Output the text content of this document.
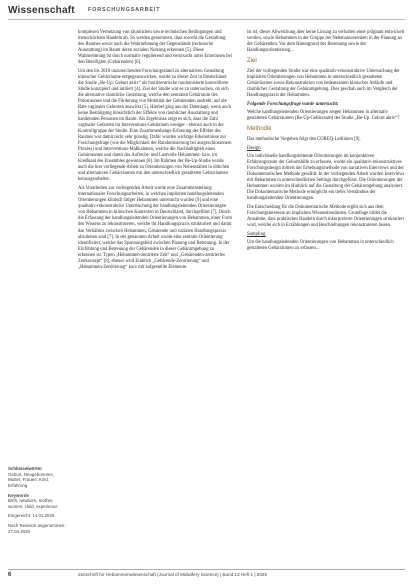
Wissenschaft FORSCHUNGSARBEIT
Schlüsselwörter
Geburt, Neugeborenes, Mutter, Frauen, Kind, Erfahrung
Keywords
Birth, newborn, mother, women, child, experience
Eingereicht: 14.01.2025
Nach Revision angenommen: 27.04.2025

komplexen Vernetzung von räumlichen sowie technischen Bedingungen und menschlichem Handeln ab. So werden genommen, dass sowohl die Gestaltung des Raumes sowie auch die Wahrnehmung der Gegenstände (technische Ausstattung) im Raum deren sozialen Nutzung erkennen [5]. Diese Wahrnehmung ist durch normativ regulierend und verursacht unter Emotionen bei den Beteiligten (Gebärenden) [6].

Um den bis 2018 unzureichenden Forschungsstand zu alternativen Gestaltung klinischer Gebärräume entgegenzuwirken, wurde zu dieser Zeit in Deutschland die Studie „Be-Up: Geburt aktiv“ als multizentrische randomisierte kontrollierte Studie konzipiert und initiiert [4]. Ziel der Studie war es zu untersuchen, ob sich die alternative räumliche Gestaltung, welche den zentralen Gebärraum des Polosraumes und die Förderung von Mobilität der Gebärenden anstrebt, auf die Rate vaginaler Geburten auswirkt [5]. Hierbei ging aus der Datenlage, wenn auch keine Bestätigung hinsichtlich der Effekte von räumlicher Ausstattung und handelnden Personen im Raum. Als Ergebnisse zeigt es sich, dass die Zahl vaginaler Geburten im Interventions-Gebärraum weniger - ebenso auch in der Kontrollgruppe der Studie. Eine Zusammenhangs-Erfassung der Effekte des Raumes war damit nicht sehr günstig. Dafür wurden wichtige Erkenntnisse zur Forschungsfrage (wie die Möglichkeit der Randomisierung bei ausgeschlossenem Prozess) und Interventions-Maßnahmen, welche die Nachhaltigkeit eines Gebärraumes und damit das Aufrecht- und Lustvolle Hebammen- bzw. im Kreißsaal des Ensembles gewonnen [6]. Im Rahmen der Be-Up-Studie wurde auch die hier vorliegende Arbeit zu Orientierungen von Nebenstäben in üblichen und alternativen Gebärräumen mit den unterschiedlich gestalteten Gebärräumen herausgearbeitet.

Als Vorarbeiten zur vorliegenden Arbeit wurde eine Zusammenstellung internationaler Forschungsarbeiten, in welchen impliziten handlungsleitenden Orientierungen klinisch tätiger Hebammen untersucht wurden [9] und eine qualitativ-rekonstruktive Untersuchung der handlungsleitenden Orientierungen von Hebammen in klinischen Kontexten in Deutschland, durchgeführt [7]. Durch die Erfassung der handlungsleitenden Orientierungen von Hebammen, einer Form des Wissens zu rekonstruieren, welche ihr Handlungspraxis strukturiert und damit das Verhältnis zwischen Hebammen, Gebärende und sozialen Handlungspraxis abzuleiten sind [7]. In der genannten Arbeit wurde eine zentrale Orientierung identifiziert, welche das Spannungsfeld zwischen Planung und Betreuung. In der Einfühlung und Betreuung der Gebärenden in dieser Gebärumgebung zu erkennen ist. Typen „Hebammen-zentrierte Zeit“ und „Gebärenden-zentriertes Zeitkonzept“ [8], ebenso wird Einblick „Gebärende-Zentrierung“ und „Hebammen-Zentrierung“ kurz mit aufgestellte Elemente.

ist ist, dieser Abweichung aber keine Lösung zu verhalten einer prägnant entwickelt werden, sowie Hebammen in der Gruppe der Nebenanwesenheit in der Planung an der Gebärenden. Vor dem Hintergrund der Betreuung sowie der Handlungsorientierung...

Ziel

Ziel der vorliegenden Studie war eine qualitativ-rekonstruktive Untersuchung der impliziten Orientierungen von Hebammen in unterschiedlich gestalteten Gebärräumen sowie Rekonstruktion von bedeutsamen klinischer Abläufe und räumlicher Gestaltung der Gebärumgebung. Dies geschah auch im Vergleich der Handlungspraxis der Hebammen.

Folgende Forschungsfrage wurde untersucht:

Welche handlungsleitenden Orientierungen zeigen Hebammen in alternativ gestalteten Gebärräumen (Be-Up-Gebärraum) der Studie „Be-Up: Geburt aktiv“?

Methodik

Das methodische Vorgehen folgt den COREQ-Leitlinien [9].

Design

Um individuelle handlungsleitende Orientierungen im konjunktiven Erfahrungsraum der Geburtshilfe zu erfassen, wurde ein qualitativ-rekonstruktives Forschungsdesign mittels der Erhebungsmethode von narrativen Interviews und der Dokumentarischen Methode gewählt. In der vorliegenden Arbeit wurden Interviews mit Hebammen in unterschiedlichen Settings durchgeführt. Die Orientierungen der Hebammen wurden im Hinblick auf die Gestaltung der Gebärumgebung analysiert. Die Dokumentarische Methode ermöglicht ein tiefes Verständnis der handlungsleitenden Orientierungen.

Die Entscheidung für die Dokumentarische Methode ergibt sich aus dem Forschungsinteresse an impliziten Wissensbeständen. Grundlage bildet die Annahme, dass praktisches Handeln durch inkorporierte Orientierungen strukturiert wird, welche sich in Erzählungen und Beschreibungen rekonstruieren lassen.

Sampling

Um die handlungsleitenden Orientierungen von Hebammen in unterschiedlich gestalteten Gebärräumen zu erfassen...

6	Zeitschrift für Hebammenwissenschaft (Journal of Midwifery Science) | Band 13 Heft 1 | 2025
